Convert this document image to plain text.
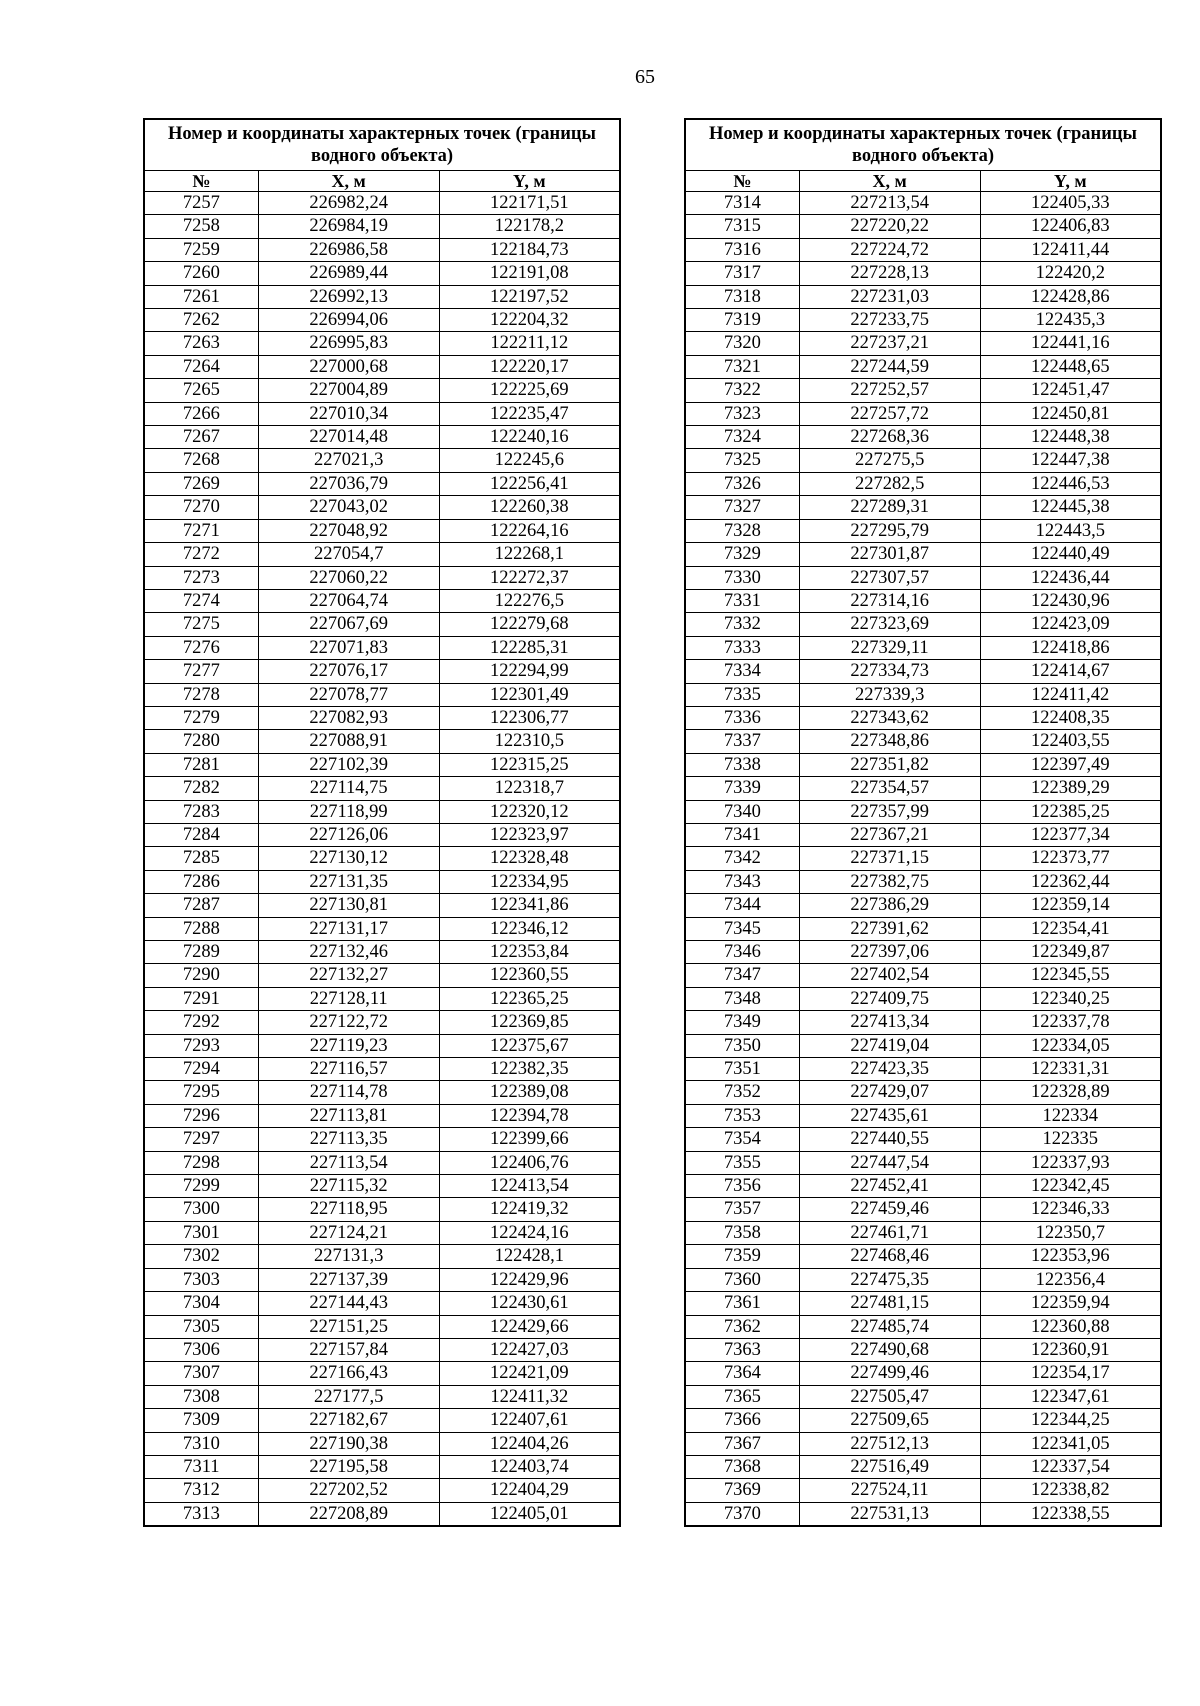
65
Номер и координаты характерных точек (границы водного объекта)		
№	X, м	Y, м
7257	226982,24	122171,51
7258	226984,19	122178,2
7259	226986,58	122184,73
7260	226989,44	122191,08
7261	226992,13	122197,52
7262	226994,06	122204,32
7263	226995,83	122211,12
7264	227000,68	122220,17
7265	227004,89	122225,69
7266	227010,34	122235,47
7267	227014,48	122240,16
7268	227021,3	122245,6
7269	227036,79	122256,41
7270	227043,02	122260,38
7271	227048,92	122264,16
7272	227054,7	122268,1
7273	227060,22	122272,37
7274	227064,74	122276,5
7275	227067,69	122279,68
7276	227071,83	122285,31
7277	227076,17	122294,99
7278	227078,77	122301,49
7279	227082,93	122306,77
7280	227088,91	122310,5
7281	227102,39	122315,25
7282	227114,75	122318,7
7283	227118,99	122320,12
7284	227126,06	122323,97
7285	227130,12	122328,48
7286	227131,35	122334,95
7287	227130,81	122341,86
7288	227131,17	122346,12
7289	227132,46	122353,84
7290	227132,27	122360,55
7291	227128,11	122365,25
7292	227122,72	122369,85
7293	227119,23	122375,67
7294	227116,57	122382,35
7295	227114,78	122389,08
7296	227113,81	122394,78
7297	227113,35	122399,66
7298	227113,54	122406,76
7299	227115,32	122413,54
7300	227118,95	122419,32
7301	227124,21	122424,16
7302	227131,3	122428,1
7303	227137,39	122429,96
7304	227144,43	122430,61
7305	227151,25	122429,66
7306	227157,84	122427,03
7307	227166,43	122421,09
7308	227177,5	122411,32
7309	227182,67	122407,61
7310	227190,38	122404,26
7311	227195,58	122403,74
7312	227202,52	122404,29
7313	227208,89	122405,01
Номер и координаты характерных точек (границы водного объекта)		
№	X, м	Y, м
7314	227213,54	122405,33
7315	227220,22	122406,83
7316	227224,72	122411,44
7317	227228,13	122420,2
7318	227231,03	122428,86
7319	227233,75	122435,3
7320	227237,21	122441,16
7321	227244,59	122448,65
7322	227252,57	122451,47
7323	227257,72	122450,81
7324	227268,36	122448,38
7325	227275,5	122447,38
7326	227282,5	122446,53
7327	227289,31	122445,38
7328	227295,79	122443,5
7329	227301,87	122440,49
7330	227307,57	122436,44
7331	227314,16	122430,96
7332	227323,69	122423,09
7333	227329,11	122418,86
7334	227334,73	122414,67
7335	227339,3	122411,42
7336	227343,62	122408,35
7337	227348,86	122403,55
7338	227351,82	122397,49
7339	227354,57	122389,29
7340	227357,99	122385,25
7341	227367,21	122377,34
7342	227371,15	122373,77
7343	227382,75	122362,44
7344	227386,29	122359,14
7345	227391,62	122354,41
7346	227397,06	122349,87
7347	227402,54	122345,55
7348	227409,75	122340,25
7349	227413,34	122337,78
7350	227419,04	122334,05
7351	227423,35	122331,31
7352	227429,07	122328,89
7353	227435,61	122334
7354	227440,55	122335
7355	227447,54	122337,93
7356	227452,41	122342,45
7357	227459,46	122346,33
7358	227461,71	122350,7
7359	227468,46	122353,96
7360	227475,35	122356,4
7361	227481,15	122359,94
7362	227485,74	122360,88
7363	227490,68	122360,91
7364	227499,46	122354,17
7365	227505,47	122347,61
7366	227509,65	122344,25
7367	227512,13	122341,05
7368	227516,49	122337,54
7369	227524,11	122338,82
7370	227531,13	122338,55
